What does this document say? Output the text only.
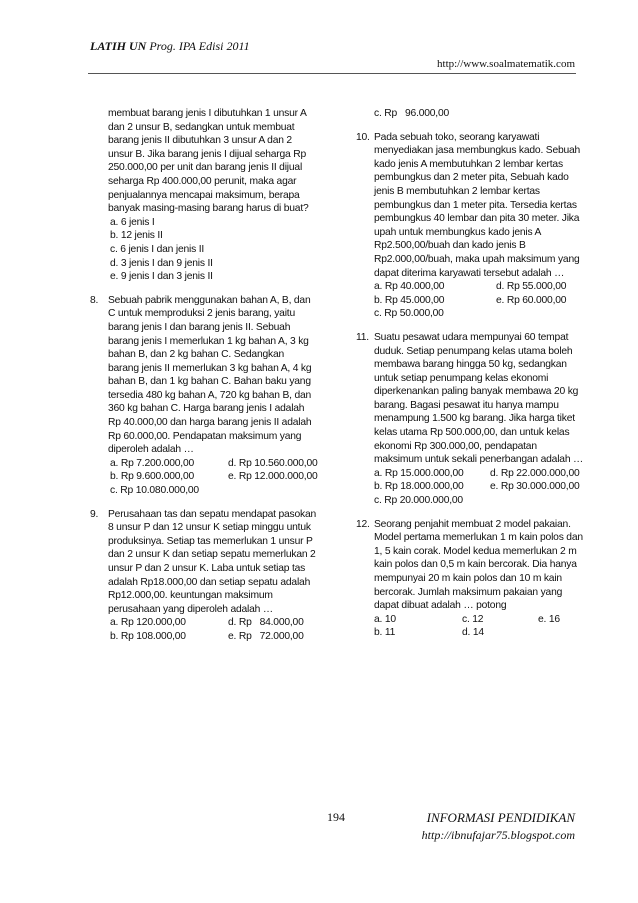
LATIH UN Prog. IPA Edisi 2011
http://www.soalmatematik.com
membuat barang jenis I dibutuhkan 1 unsur A
dan 2 unsur B, sedangkan untuk membuat
barang jenis II dibutuhkan 3 unsur A dan 2
unsur B. Jika barang jenis I dijual seharga Rp
250.000,00 per unit dan barang jenis II dijual
seharga Rp 400.000,00 perunit, maka agar
penjualannya mencapai maksimum, berapa
banyak masing-masing barang harus di buat?
a. 6 jenis I
b. 12 jenis II
c. 6 jenis I dan jenis II
d. 3 jenis I dan 9 jenis II
e. 9 jenis I dan 3 jenis II
8. Sebuah pabrik menggunakan bahan A, B, dan
C untuk memproduksi 2 jenis barang, yaitu
barang jenis I dan barang jenis II. Sebuah
barang jenis I memerlukan 1 kg bahan A, 3 kg
bahan B, dan 2 kg bahan C. Sedangkan
barang jenis II memerlukan 3 kg bahan A, 4 kg
bahan B, dan 1 kg bahan C. Bahan baku yang
tersedia 480 kg bahan A, 720 kg bahan B, dan
360 kg bahan C. Harga barang jenis I adalah
Rp 40.000,00 dan harga barang jenis II adalah
Rp 60.000,00. Pendapatan maksimum yang
diperoleh adalah …
a. Rp 7.200.000,00	d. Rp 10.560.000,00
b. Rp 9.600.000,00	e. Rp 12.000.000,00
c. Rp 10.080.000,00
9. Perusahaan tas dan sepatu mendapat pasokan
8 unsur P dan 12 unsur K setiap minggu untuk
produksinya. Setiap tas memerlukan 1 unsur P
dan 2 unsur K dan setiap sepatu memerlukan 2
unsur P dan 2 unsur K. Laba untuk setiap tas
adalah Rp18.000,00 dan setiap sepatu adalah
Rp12.000,00. keuntungan maksimum
perusahaan yang diperoleh adalah …
a. Rp 120.000,00	d. Rp   84.000,00
b. Rp 108.000,00	e. Rp   72.000,00
c. Rp   96.000,00
10. Pada sebuah toko, seorang karyawati
menyediakan jasa membungkus kado. Sebuah
kado jenis A membutuhkan 2 lembar kertas
pembungkus dan 2 meter pita, Sebuah kado
jenis B membutuhkan 2 lembar kertas
pembungkus dan 1 meter pita. Tersedia kertas
pembungkus 40 lembar dan pita 30 meter. Jika
upah untuk membungkus kado jenis A
Rp2.500,00/buah dan kado jenis B
Rp2.000,00/buah, maka upah maksimum yang
dapat diterima karyawati tersebut adalah …
a. Rp 40.000,00	d. Rp 55.000,00
b. Rp 45.000,00	e. Rp 60.000,00
c. Rp 50.000,00
11. Suatu pesawat udara mempunyai 60 tempat
duduk. Setiap penumpang kelas utama boleh
membawa barang hingga 50 kg, sedangkan
untuk setiap penumpang kelas ekonomi
diperkenankan paling banyak membawa 20 kg
barang. Bagasi pesawat itu hanya mampu
menampung 1.500 kg barang. Jika harga tiket
kelas utama Rp 500.000,00, dan untuk kelas
ekonomi Rp 300.000,00, pendapatan
maksimum untuk sekali penerbangan adalah …
a. Rp 15.000.000,00	d. Rp 22.000.000,00
b. Rp 18.000.000,00	e. Rp 30.000.000,00
c. Rp 20.000.000,00
12. Seorang penjahit membuat 2 model pakaian.
Model pertama memerlukan 1 m kain polos dan
1, 5 kain corak. Model kedua memerlukan 2 m
kain polos dan 0,5 m kain bercorak. Dia hanya
mempunyai 20 m kain polos dan 10 m kain
bercorak. Jumlah maksimum pakaian yang
dapat dibuat adalah … potong
a. 10	c. 12	e. 16
b. 11	d. 14
194	INFORMASI PENDIDIKAN
http://ibnufajar75.blogspot.com
